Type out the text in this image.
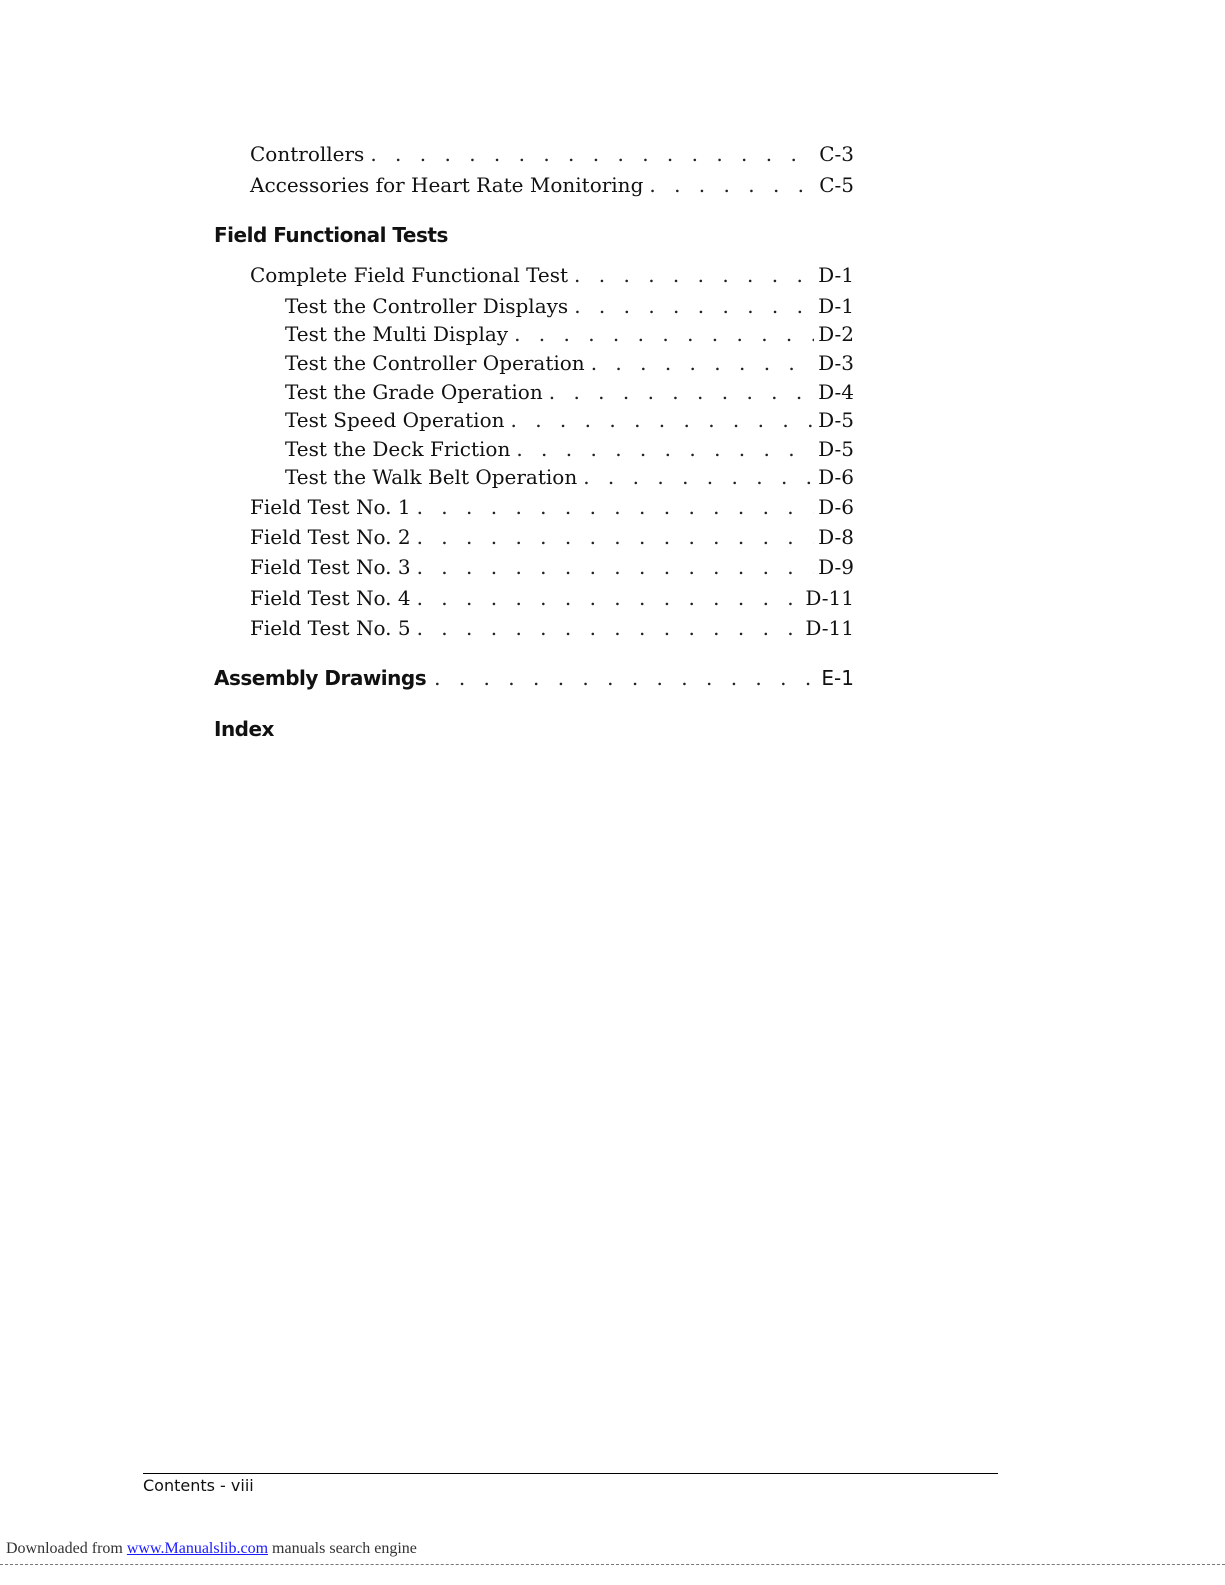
Controllers . . .	C-3
Accessories for Heart Rate Monitoring . . .	C-5
Field Functional Tests
Complete Field Functional Test . . .	D-1
Test the Controller Displays . . .	D-1
Test the Multi Display . . .	D-2
Test the Controller Operation . . .	D-3
Test the Grade Operation . . .	D-4
Test Speed Operation . . .	D-5
Test the Deck Friction . . .	D-5
Test the Walk Belt Operation . . .	D-6
Field Test No. 1 . . .	D-6
Field Test No. 2 . . .	D-8
Field Test No. 3 . . .	D-9
Field Test No. 4 . . .	D-11
Field Test No. 5 . . .	D-11
Assembly Drawings . . .	E-1
Index
Contents - viii
Downloaded from www.Manualslib.com manuals search engine
